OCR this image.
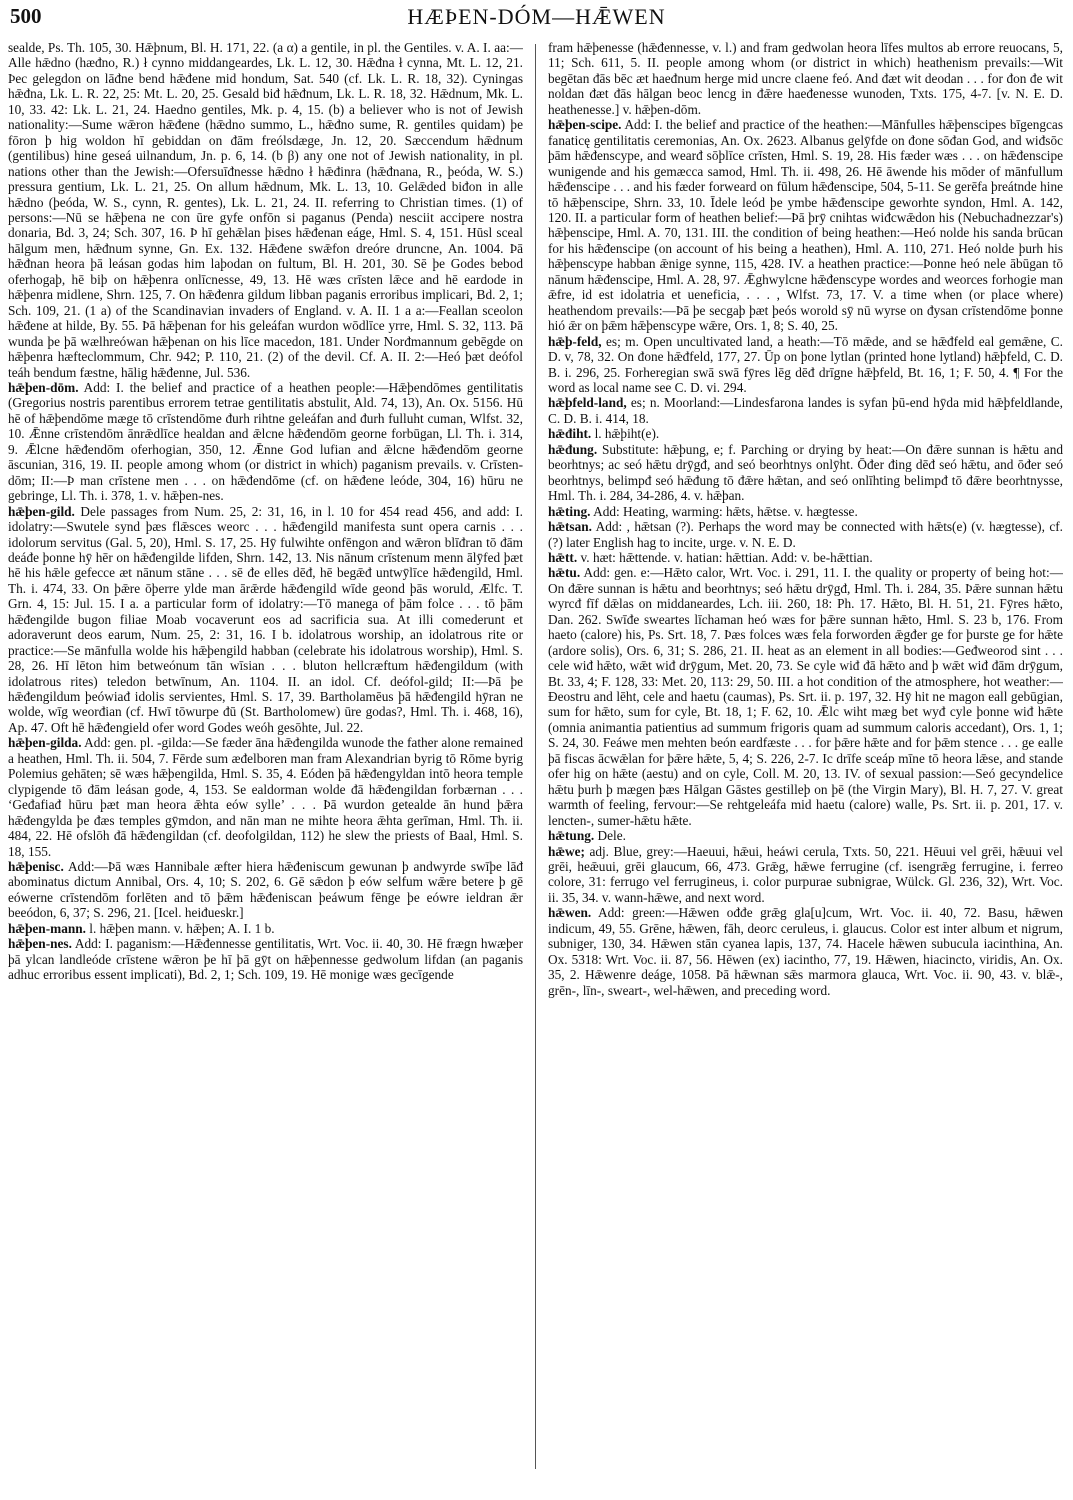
500	HÆÞEN-DÓM—HǢWEN

sealde, Ps. Th. 105, 30. Hǣþnum, Bl. H. 171, 22. (a α) a gentile, in pl. the Gentiles. v. A. I. aa:—Alle hǣdno (hæđno, R.) ł cynno middangeardes, Lk. L. 12, 30. Hǣđna ł cynna, Mt. L. 12, 21. Þec gelegdon on lāđne bend hǣđene mid hondum, Sat. 540 (cf. Lk. L. R. 18, 32). Cyningas hǣđna, Lk. L. R. 22, 25: Mt. L. 20, 25. Gesald biđ hǣđnum, Lk. L. R. 18, 32. Hǣdnum, Mk. L. 10, 33. 42: Lk. L. 21, 24. Haedno gentiles, Mk. p. 4, 15. (b) a believer who is not of Jewish nationality:—Sume wǣron hǣđene (hǣdno summo, L., hǣđno sume, R. gentiles quidam) þe fōron þ hig woldon hī gebiddan on đām freólsdæge, Jn. 12, 20. Sæccendum hǣdnum (gentilibus) hine geseá uilnandum, Jn. p. 6, 14. (b β) any one not of Jewish nationality, in pl. nations other than the Jewish:—Ofersuīđnesse hǣdno ł hǣđinra (hǣđnana, R., þeóda, W. S.) pressura gentium, Lk. L. 21, 25. On allum hǣdnum, Mk. L. 13, 10. Gelǣded biđon in alle hǣdno (þeóda, W. S., cynn, R. gentes), Lk. L. 21, 24. II. referring to Christian times. (1) of persons:—Nū se hǣþena ne con ūre gyfe onfōn si paganus (Penda) nesciit accipere nostra donaria, Bd. 3, 24; Sch. 307, 16. Þ hī gehǣlan þises hǣđenan eáge, Hml. S. 4, 151. Hūsl sceal hālgum men, hǣđnum synne, Gn. Ex. 132. Hǣđene swǣfon dreóre druncne, An. 1004. Þā hǣđnan heora þā leásan godas him laþodan on fultum, Bl. H. 201, 30. Sē þe Godes bebod oferhogaþ, hē biþ on hǣþenra onlīcnesse, 49, 13. Hē wæs crīsten lǣce and hē eardode in hǣþenra midlene, Shrn. 125, 7. On hǣđenra gildum libban paganis erroribus implicari, Bd. 2, 1; Sch. 109, 21. (1 a) of the Scandinavian invaders of England. v. A. II. 1 a a:—Feallan sceolon hǣđene at hilde, By. 55. Þā hǣþenan for his geleáfan wurdon wōdlīce yrre, Hml. S. 32, 113. Þā wunda þe þā wælhreówan hǣþenan on his līce macedon, 181. Under Norđmannum gebēgde on hǣþenra hæfteclommum, Chr. 942; P. 110, 21. (2) of the devil. Cf. A. II. 2:—Heó þæt deófol teáh bendum fæstne, hālig hǣđenne, Jul. 536.

hǣþen-dōm. Add: I. the belief and practice of a heathen people:—Hǣþendōmes gentilitatis (Gregorius nostris parentibus errorem tetrae gentilitatis abstulit, Ald. 74, 13), An. Ox. 5156. Hū hē of hǣþendōme mæge tō crīstendōme đurh rihtne geleáfan and đurh fulluht cuman, Wlfst. 32, 10. Ǣnne crīstendōm ānrǣdlīce healdan and ǣlcne hǣđendōm georne forbūgan, Ll. Th. i. 314, 9. Ǣlcne hǣđendōm oferhogian, 350, 12. Ǣnne God lufian and ǣlcne hǣđendōm georne āscunian, 316, 19. II. people among whom (or district in which) paganism prevails. v. Crīsten-dōm; II:—Þ man crīstene men . . . on hǣđendōme (cf. on hǣđene leóde, 304, 16) hūru ne gebringe, Ll. Th. i. 378, 1. v. hǣþen-nes.

hǣþen-gild. Dele passages from Num. 25, 2: 31, 16, in l. 10 for 454 read 456, and add: I. idolatry:—Swutele synd þæs flǣsces weorc . . . hǣđengild manifesta sunt opera carnis . . . idolorum servitus (Gal. 5, 20), Hml. S. 17, 25. Hȳ fulwihte onfēngon and wǣron blīđran tō đām deáđe þonne hȳ hēr on hǣđengilde lifden, Shrn. 142, 13. Nis nānum crīstenum menn ālȳfed þæt hē his hǣle gefecce æt nānum stāne . . . sē đe elles dēđ, hē begǣđ untwȳlīce hǣđengild, Hml. Th. i. 474, 33. On þǣre ōþerre ylde man ārǣrde hǣđengild wīde geond þās woruld, Ælfc. T. Grn. 4, 15: Jul. 15. I a. a particular form of idolatry:—Tō manega of þām folce . . . tō þām hǣđengilde bugon filiae Moab vocaverunt eos ad sacrificia sua. At illi comederunt et adoraverunt deos earum, Num. 25, 2: 31, 16. I b. idolatrous worship, an idolatrous rite or practice:—Se mānfulla wolde his hǣþengild habban (celebrate his idolatrous worship), Hml. S. 28, 26. Hī lēton him betweónum tān wīsian . . . bluton hellcræftum hǣđengildum (with idolatrous rites) teledon betwīnum, An. 1104. II. an idol. Cf. deófol-gild; II:—Þā þe hǣđengildum þeówiađ idolis servientes, Hml. S. 17, 39. Bartholamēus þā hǣđengild hȳran ne wolde, wīg weorđian (cf. Hwī tōwurpe đū (St. Bartholomew) ūre godas?, Hml. Th. i. 468, 16), Ap. 47. Oft hē hǣđengield ofer word Godes weóh gesōhte, Jul. 22.

hǣþen-gilda. Add: gen. pl. -gilda:—Se fæder āna hǣđengilda wunode the father alone remained a heathen, Hml. Th. ii. 504, 7. Fērde sum æđelboren man fram Alexandrian byrig tō Rōme byrig Polemius gehāten; sē wæs hǣþengilda, Hml. S. 35, 4. Eóden þā hǣđengyldan intō heora temple clypigende tō đām leásan gode, 4, 153. Se ealdorman wolde đā hǣđengildan forbærnan . . . ‘Geđafiađ hūru þæt man heora ǣhta eów sylle’ . . . Þā wurdon getealde ān hund þǣra hǣđengylda þe đæs temples gȳmdon, and nān man ne mihte heora ǣhta gerīman, Hml. Th. ii. 484, 22. Hē ofslōh đā hǣđengildan (cf. deofolgildan, 112) he slew the priests of Baal, Hml. S. 18, 155.

hǣþenisc. Add:—Þā wæs Hannibale æfter hiera hǣđeniscum gewunan þ andwyrde swīþe lāđ abominatus dictum Annibal, Ors. 4, 10; S. 202, 6. Gē sǣdon þ eów selfum wǣre betere þ gē eówerne crīstendōm forlēten and tō þǣm hǣđeniscan þeáwum fēnge þe eówre ieldran ǣr beeódon, 6, 37; S. 296, 21. [Icel. heiđueskr.]

hǣþen-mann. l. hǣþen mann. v. hǣþen; A. I. 1 b.

hǣþen-nes. Add: I. paganism:—Hǣđennesse gentilitatis, Wrt. Voc. ii. 40, 30. Hē frægn hwæþer þā ylcan landleóde crīstene wǣron þe hī þā gȳt on hǣþennesse gedwolum lifdan (an paganis adhuc erroribus essent implicati), Bd. 2, 1; Sch. 109, 19. Hē monige wæs gecīgende

fram hǣþenesse (hǣđennesse, v. l.) and fram gedwolan heora līfes multos ab errore reuocans, 5, 11; Sch. 611, 5. II. people among whom (or district in which) heathenism prevails:—Wit begētan đās bēc æt haeđnum herge mid uncre claene feó. And đæt wit deodan . . . for đon đe wit noldan đæt đās hālgan beoc lencg in đǣre haeđenesse wunoden, Txts. 175, 4-7. [v. N. E. D. heathenesse.] v. hǣþen-dōm.

hǣþen-scipe. Add: I. the belief and practice of the heathen:—Mānfulles hǣþenscipes bīgengcas fanaticę gentilitatis ceremonias, An. Ox. 2623. Albanus gelȳfde on đone sōđan God, and wiđsōc þām hǣđenscype, and wearđ sōþlīce crīsten, Hml. S. 19, 28. His fæder wæs . . . on hǣđenscipe wunigende and his gemæcca samod, Hml. Th. ii. 498, 26. Hē āwende his mōder of mānfullum hǣđenscipe . . . and his fæder forweard on fūlum hǣđenscipe, 504, 5-11. Se gerēfa þreátnde hine tō hǣþenscipe, Shrn. 33, 10. Īdele leód þe ymbe hǣđenscipe geworhte syndon, Hml. A. 142, 120. II. a particular form of heathen belief:—Þā þrȳ cnihtas wiđcwǣdon his (Nebuchadnezzar's) hǣþenscipe, Hml. A. 70, 131. III. the condition of being heathen:—Heó nolde his sanda brūcan for his hǣđenscipe (on account of his being a heathen), Hml. A. 110, 271. Heó nolde þurh his hǣþenscype habban ǣnige synne, 115, 428. IV. a heathen practice:—Þonne heó nele ābūgan tō nānum hǣđenscipe, Hml. A. 28, 97. Ǣghwylcne hǣđenscype wordes and weorces forhogie man ǣfre, id est idolatria et ueneficia, . . . , Wlfst. 73, 17. V. a time when (or place where) heathendom prevails:—Þā þe secgaþ þæt þeós worold sȳ nū wyrse on đysan crīstendōme þonne hió ǣr on þǣm hǣþenscype wǣre, Ors. 1, 8; S. 40, 25.

hǣþ-feld, es; m. Open uncultivated land, a heath:—Tō mǣde, and se hǣđfeld eal gemǣne, C. D. v, 78, 32. On đone hǣđfeld, 177, 27. Ūp on þone lytlan (printed hone lytland) hǣþfeld, C. D. B. i. 296, 25. Forheregian swā swā fȳres lēg dēđ drīgne hǣþfeld, Bt. 16, 1; F. 50, 4. ¶ For the word as local name see C. D. vi. 294.

hǣþfeld-land, es; n. Moorland:—Lindesfarona landes is syfan þū-end hȳda mid hǣþfeldlande, C. D. B. i. 414, 18.

hǣđiht. l. hǣþiht(e).

hǣđung. Substitute: hǣþung, e; f. Parching or drying by heat:—On đǣre sunnan is hǣtu and beorhtnys; ac seó hǣtu drȳgđ, and seó beorhtnys onlȳht. Ōđer đing dēđ seó hǣtu, and ōđer seó beorhtnys, belimpđ seó hǣđung tō đǣre hǣtan, and seó onlīhting belimpđ tō đǣre beorhtnysse, Hml. Th. i. 284, 34-286, 4. v. hǣþan.

hǣting. Add: Heating, warming: hǣts, hǣtse. v. hægtesse.

hǣtsan. Add: , hǣtsan (?). Perhaps the word may be connected with hǣts(e) (v. hægtesse), cf. (?) later English hag to incite, urge. v. N. E. D.

hǣtt. v. hæt: hǣttende. v. hatian: hǣttian. Add: v. be-hǣttian.

hǣtu. Add: gen. e:—Hǣto calor, Wrt. Voc. i. 291, 11. I. the quality or property of being hot:—On đǣre sunnan is hǣtu and beorhtnys; seó hǣtu drȳgđ, Hml. Th. i. 284, 35. Þǣre sunnan hǣtu wyrcđ fīf dǣlas on middaneardes, Lch. iii. 260, 18: Ph. 17. Hǣto, Bl. H. 51, 21. Fȳres hǣto, Dan. 262. Swīđe sweartes līchaman heó wæs for þǣre sunnan hǣto, Hml. S. 23 b, 176. From haeto (calore) his, Ps. Srt. 18, 7. Þæs folces wæs fela forworden ǣgđer ge for þurste ge for hǣte (ardore solis), Ors. 6, 31; S. 286, 21. II. heat as an element in all bodies:—Geđweorod sint . . . cele wiđ hǣto, wǣt wiđ drȳgum, Met. 20, 73. Se cyle wiđ đā hǣto and þ wǣt wiđ đām drȳgum, Bt. 33, 4; F. 128, 33: Met. 20, 113: 29, 50. III. a hot condition of the atmosphere, hot weather:—Đeostru and lēht, cele and haetu (caumas), Ps. Srt. ii. p. 197, 32. Hȳ hit ne magon eall gebūgian, sum for hǣto, sum for cyle, Bt. 18, 1; F. 62, 10. Ǣlc wiht mæg bet wyđ cyle þonne wiđ hǣte (omnia animantia patientius ad summum frigoris quam ad summum caloris accedant), Ors. 1, 1; S. 24, 30. Feáwe men mehten beón eardfæste . . . for þǣre hǣte and for þǣm stence . . . ge ealle þā fiscas ācwǣlan for þǣre hǣte, 5, 4; S. 226, 2-7. Ic drīfe sceáp mīne tō heora lǣse, and stande ofer hig on hǣte (aestu) and on cyle, Coll. M. 20, 13. IV. of sexual passion:—Seó gecyndelice hǣtu þurh þ mægen þæs Hālgan Gāstes gestilleþ on þē (the Virgin Mary), Bl. H. 7, 27. V. great warmth of feeling, fervour:—Se rehtgeleáfa mid haetu (calore) walle, Ps. Srt. ii. p. 201, 17. v. lencten-, sumer-hǣtu hǣte.

hǣtung. Dele.

hǣwe; adj. Blue, grey:—Haeuui, hǣui, heáwi cerula, Txts. 50, 221. Hēuui vel grēi, hǣuui vel grēi, heǣuui, grēi glaucum, 66, 473. Grǣg, hǣwe ferrugine (cf. isengrǣg ferrugine, i. ferreo colore, 31: ferrugo vel ferrugineus, i. color purpurae subnigrae, Wülck. Gl. 236, 32), Wrt. Voc. ii. 35, 34. v. wann-hǣwe, and next word.

hǣwen. Add: green:—Hǣwen ođđe grǣg gla[u]cum, Wrt. Voc. ii. 40, 72. Basu, hǣwen indicum, 49, 55. Grēne, hǣwen, fāh, deorc ceruleus, i. glaucus. Color est inter album et nigrum, subniger, 130, 34. Hǣwen stān cyanea lapis, 137, 74. Hacele hǣwen subucula iacinthina, An. Ox. 5318: Wrt. Voc. ii. 87, 56. Hēwen (ex) iacintho, 77, 19. Hǣwen, hiacincto, viridis, An. Ox. 35, 2. Hǣwenre deáge, 1058. Þā hǣwnan sǣs marmora glauca, Wrt. Voc. ii. 90, 43. v. blǣ-, grēn-, līn-, sweart-, wel-hǣwen, and preceding word.
